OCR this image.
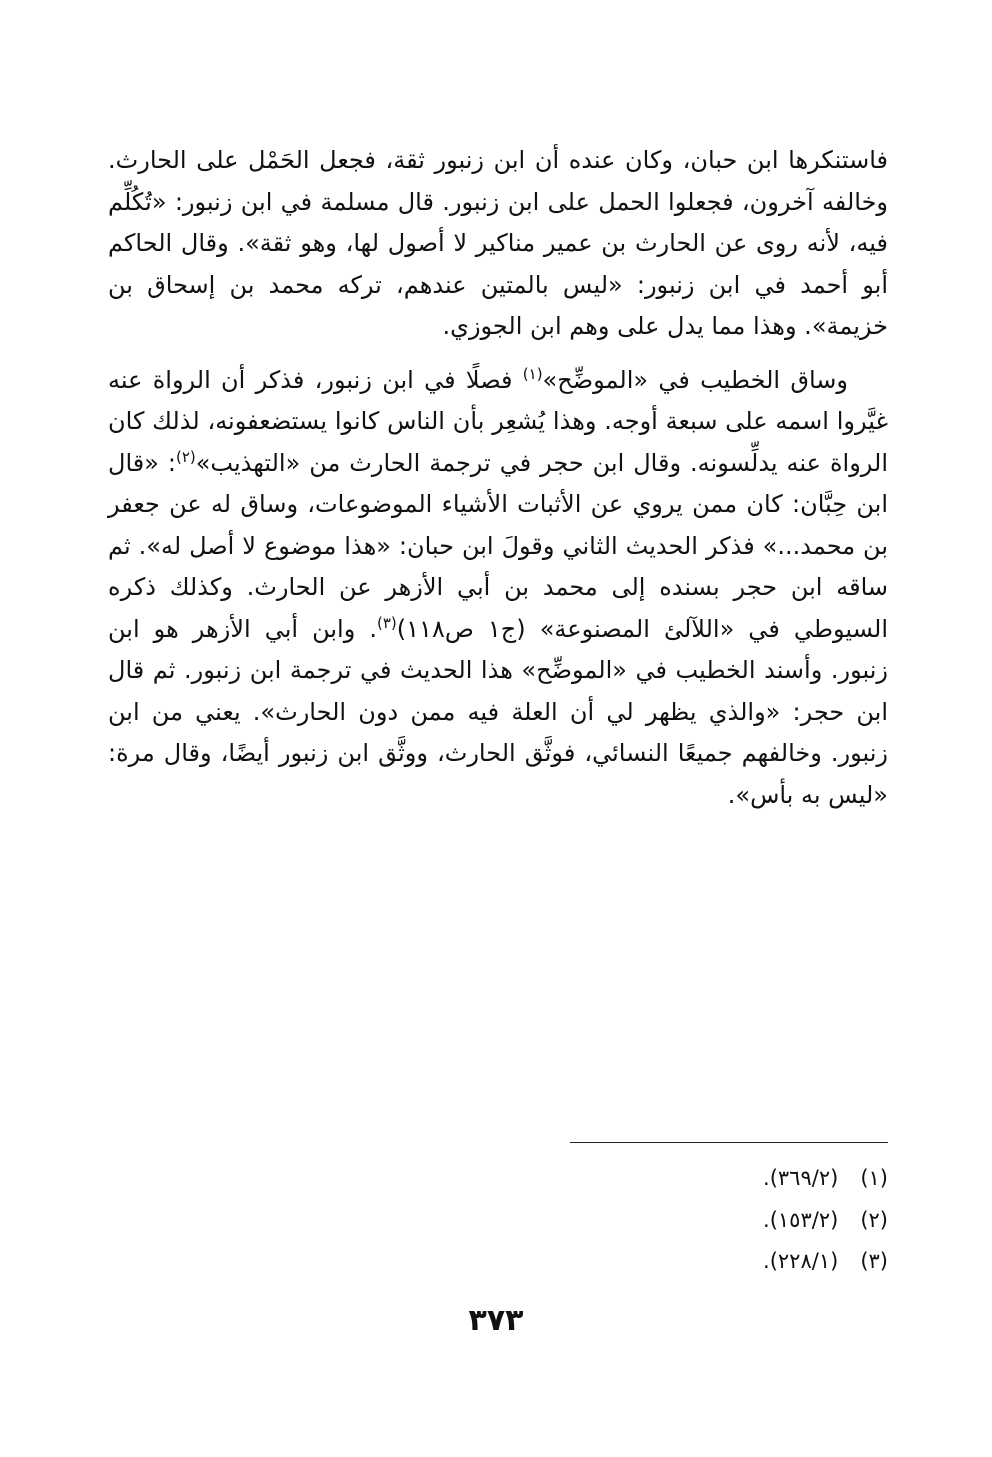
فاستنكرها ابن حبان، وكان عنده أن ابن زنبور ثقة، فجعل الحَمْل على الحارث. وخالفه آخرون، فجعلوا الحمل على ابن زنبور. قال مسلمة في ابن زنبور: «تُكُلِّم فيه، لأنه روى عن الحارث بن عمير مناكير لا أصول لها، وهو ثقة». وقال الحاكم أبو أحمد في ابن زنبور: «ليس بالمتين عندهم، تركه محمد بن إسحاق بن خزيمة». وهذا مما يدل على وهم ابن الجوزي.

وساق الخطيب في «الموضِّح»$^{(١)}$ فصلًا في ابن زنبور، فذكر أن الرواة عنه غيَّروا اسمه على سبعة أوجه. وهذا يُشعِر بأن الناس كانوا يستضعفونه، لذلك كان الرواة عنه يدلِّسونه. وقال ابن حجر في ترجمة الحارث من «التهذيب»$^{(٢)}$: «قال ابن حِبَّان: كان ممن يروي عن الأثبات الأشياء الموضوعات، وساق له عن جعفر بن محمد...» فذكر الحديث الثاني وقولَ ابن حبان: «هذا موضوع لا أصل له». ثم ساقه ابن حجر بسنده إلى محمد بن أبي الأزهر عن الحارث. وكذلك ذكره السيوطي في «اللآلئ المصنوعة» (ج١ ص١١٨)$^{(٣)}$. وابن أبي الأزهر هو ابن زنبور. وأسند الخطيب في «الموضِّح» هذا الحديث في ترجمة ابن زنبور. ثم قال ابن حجر: «والذي يظهر لي أن العلة فيه ممن دون الحارث». يعني من ابن زنبور. وخالفهم جميعًا النسائي، فوثَّق الحارث، ووثَّق ابن زنبور أيضًا، وقال مرة: «ليس به بأس».

(١)(٣٦٩/٢).
(٢)(١٥٣/٢).
(٣)(٢٢٨/١).
٣٧٣
